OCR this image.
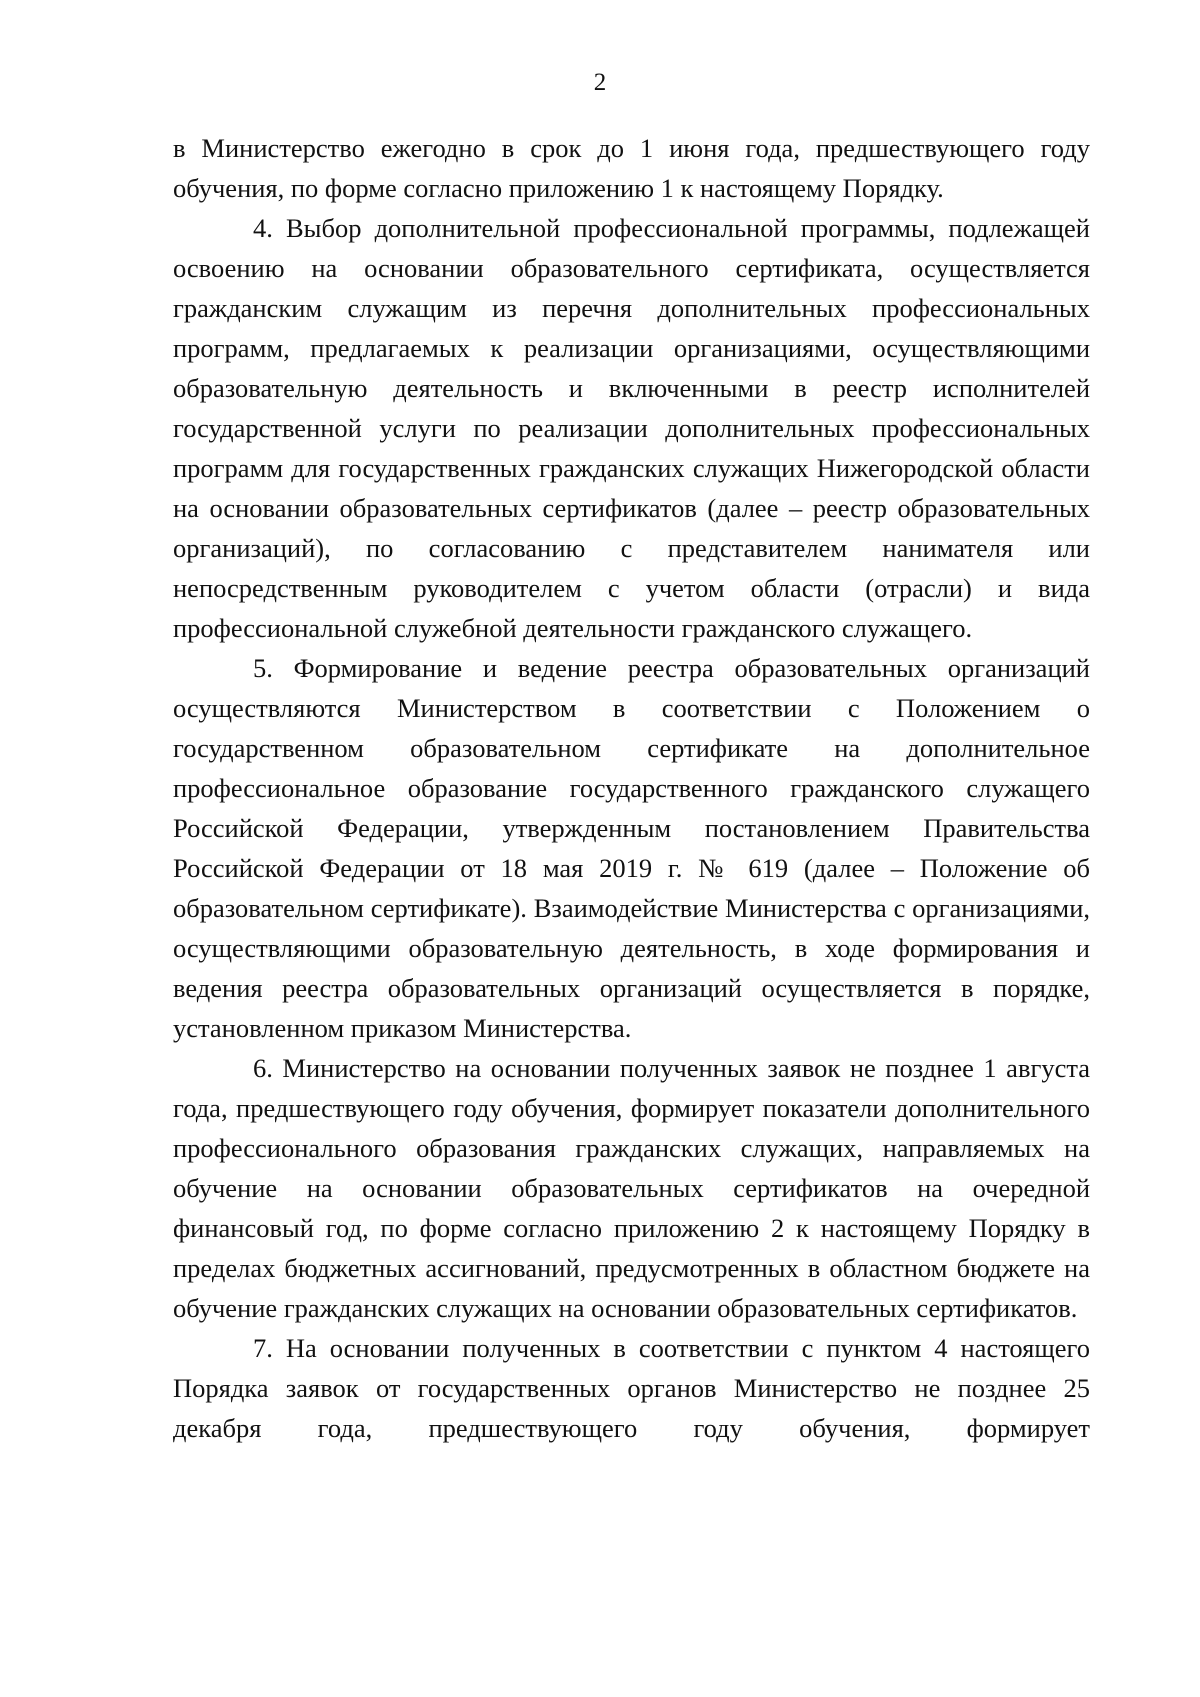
2

в Министерство ежегодно в срок до 1 июня года, предшествующего году обучения, по форме согласно приложению 1 к настоящему Порядку.

4. Выбор дополнительной профессиональной программы, подлежащей освоению на основании образовательного сертификата, осуществляется гражданским служащим из перечня дополнительных профессиональных программ, предлагаемых к реализации организациями, осуществляющими образовательную деятельность и включенными в реестр исполнителей государственной услуги по реализации дополнительных профессиональных программ для государственных гражданских служащих Нижегородской области на основании образовательных сертификатов (далее – реестр образовательных организаций), по согласованию с представителем нанимателя или непосредственным руководителем с учетом области (отрасли) и вида профессиональной служебной деятельности гражданского служащего.

5. Формирование и ведение реестра образовательных организаций осуществляются Министерством в соответствии с Положением о государственном образовательном сертификате на дополнительное профессиональное образование государственного гражданского служащего Российской Федерации, утвержденным постановлением Правительства Российской Федерации от 18 мая 2019 г. № 619 (далее – Положение об образовательном сертификате). Взаимодействие Министерства с организациями, осуществляющими образовательную деятельность, в ходе формирования и ведения реестра образовательных организаций осуществляется в порядке, установленном приказом Министерства.

6. Министерство на основании полученных заявок не позднее 1 августа года, предшествующего году обучения, формирует показатели дополнительного профессионального образования гражданских служащих, направляемых на обучение на основании образовательных сертификатов на очередной финансовый год, по форме согласно приложению 2 к настоящему Порядку в пределах бюджетных ассигнований, предусмотренных в областном бюджете на обучение гражданских служащих на основании образовательных сертификатов.

7. На основании полученных в соответствии с пунктом 4 настоящего Порядка заявок от государственных органов Министерство не позднее 25 декабря года, предшествующего году обучения, формирует
